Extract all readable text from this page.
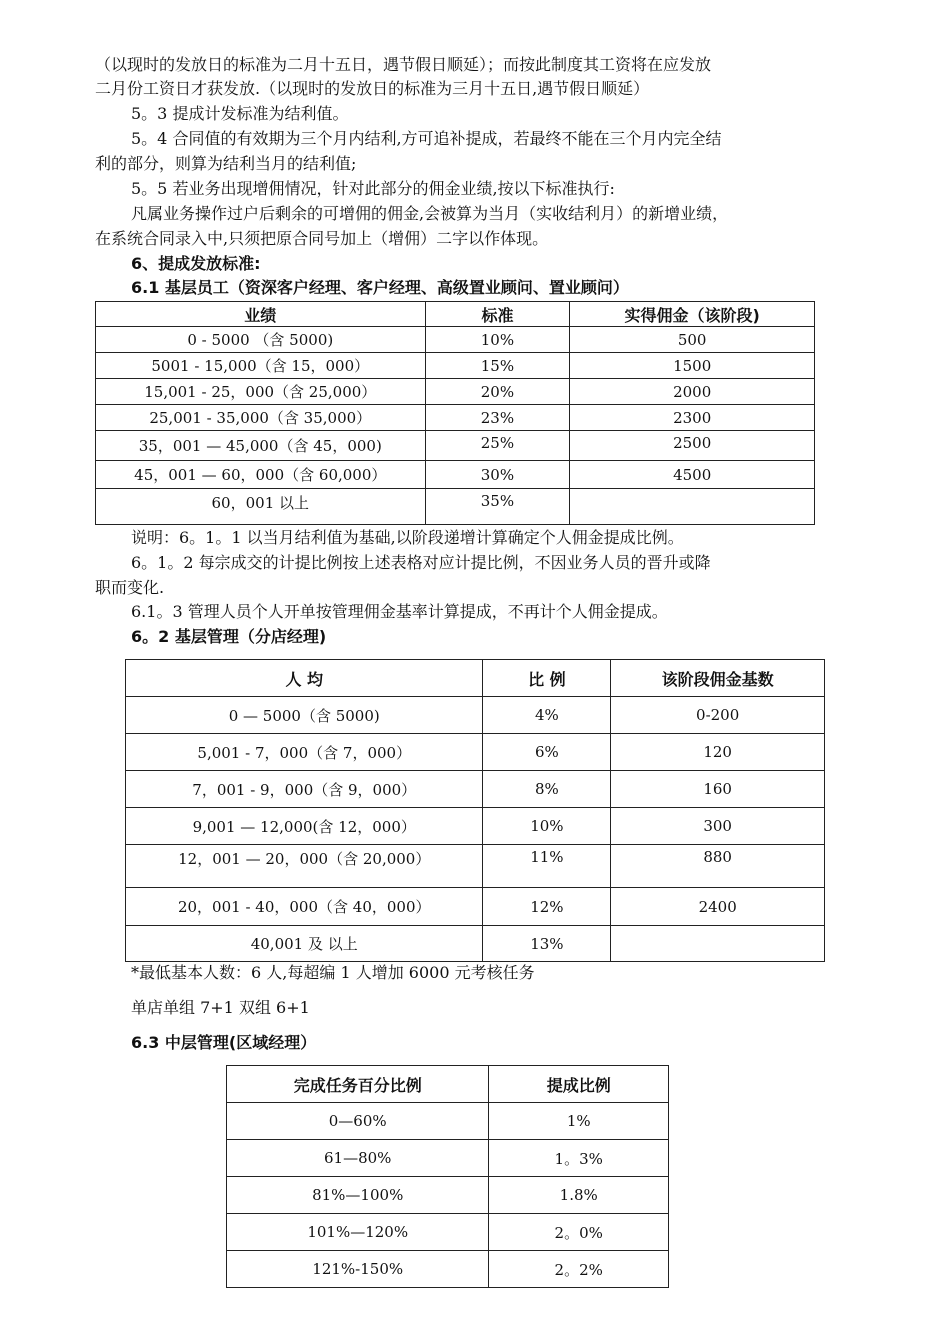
（以现时的发放日的标准为二月十五日，遇节假日顺延）；而按此制度其工资将在应发放
二月份工资日才获发放.（以现时的发放日的标准为三月十五日,遇节假日顺延）
5。3 提成计发标准为结利值。
5。4 合同值的有效期为三个月内结利,方可追补提成，若最终不能在三个月内完全结
利的部分，则算为结利当月的结利值;
5。5 若业务出现增佣情况，针对此部分的佣金业绩,按以下标准执行:
凡属业务操作过户后剩余的可增佣的佣金,会被算为当月（实收结利月）的新增业绩，
在系统合同录入中,只须把原合同号加上（增佣）二字以作体现。
6、提成发放标准:
6.1 基层员工（资深客户经理、客户经理、高级置业顾问、置业顾问）
业绩	标准	实得佣金（该阶段)
0 - 5000 （含 5000)	10%	500
5001 - 15,000（含 15，000）	15%	1500
15,001 - 25，000（含 25,000）	20%	2000
25,001 - 35,000（含 35,000）	23%	2300
35，001 — 45,000（含 45，000)	25%	2500
45，001 — 60，000（含 60,000）	30%	4500
60，001 以上	35%	
说明：6。1。1 以当月结利值为基础,以阶段递增计算确定个人佣金提成比例。
6。1。2 每宗成交的计提比例按上述表格对应计提比例，不因业务人员的晋升或降
职而变化.
6.1。3 管理人员个人开单按管理佣金基率计算提成，不再计个人佣金提成。
6。2 基层管理（分店经理)
人 均	比 例	该阶段佣金基数
0 — 5000（含 5000)	4%	0-200
5,001 - 7，000（含 7，000）	6%	120
7，001 - 9，000（含 9，000）	8%	160
9,001 — 12,000(含 12，000）	10%	300
12，001 — 20，000（含 20,000）	11%	880
20，001 - 40，000（含 40，000）	12%	2400
40,001 及 以上	13%	
*最低基本人数：6 人,每超编 1 人增加 6000 元考核任务
单店单组 7+1 双组 6+1
6.3 中层管理(区域经理）
完成任务百分比例	提成比例
0—60%	1%
61—80%	1。3%
81%—100%	1.8%
101%—120%	2。0%
121%-150%	2。2%
